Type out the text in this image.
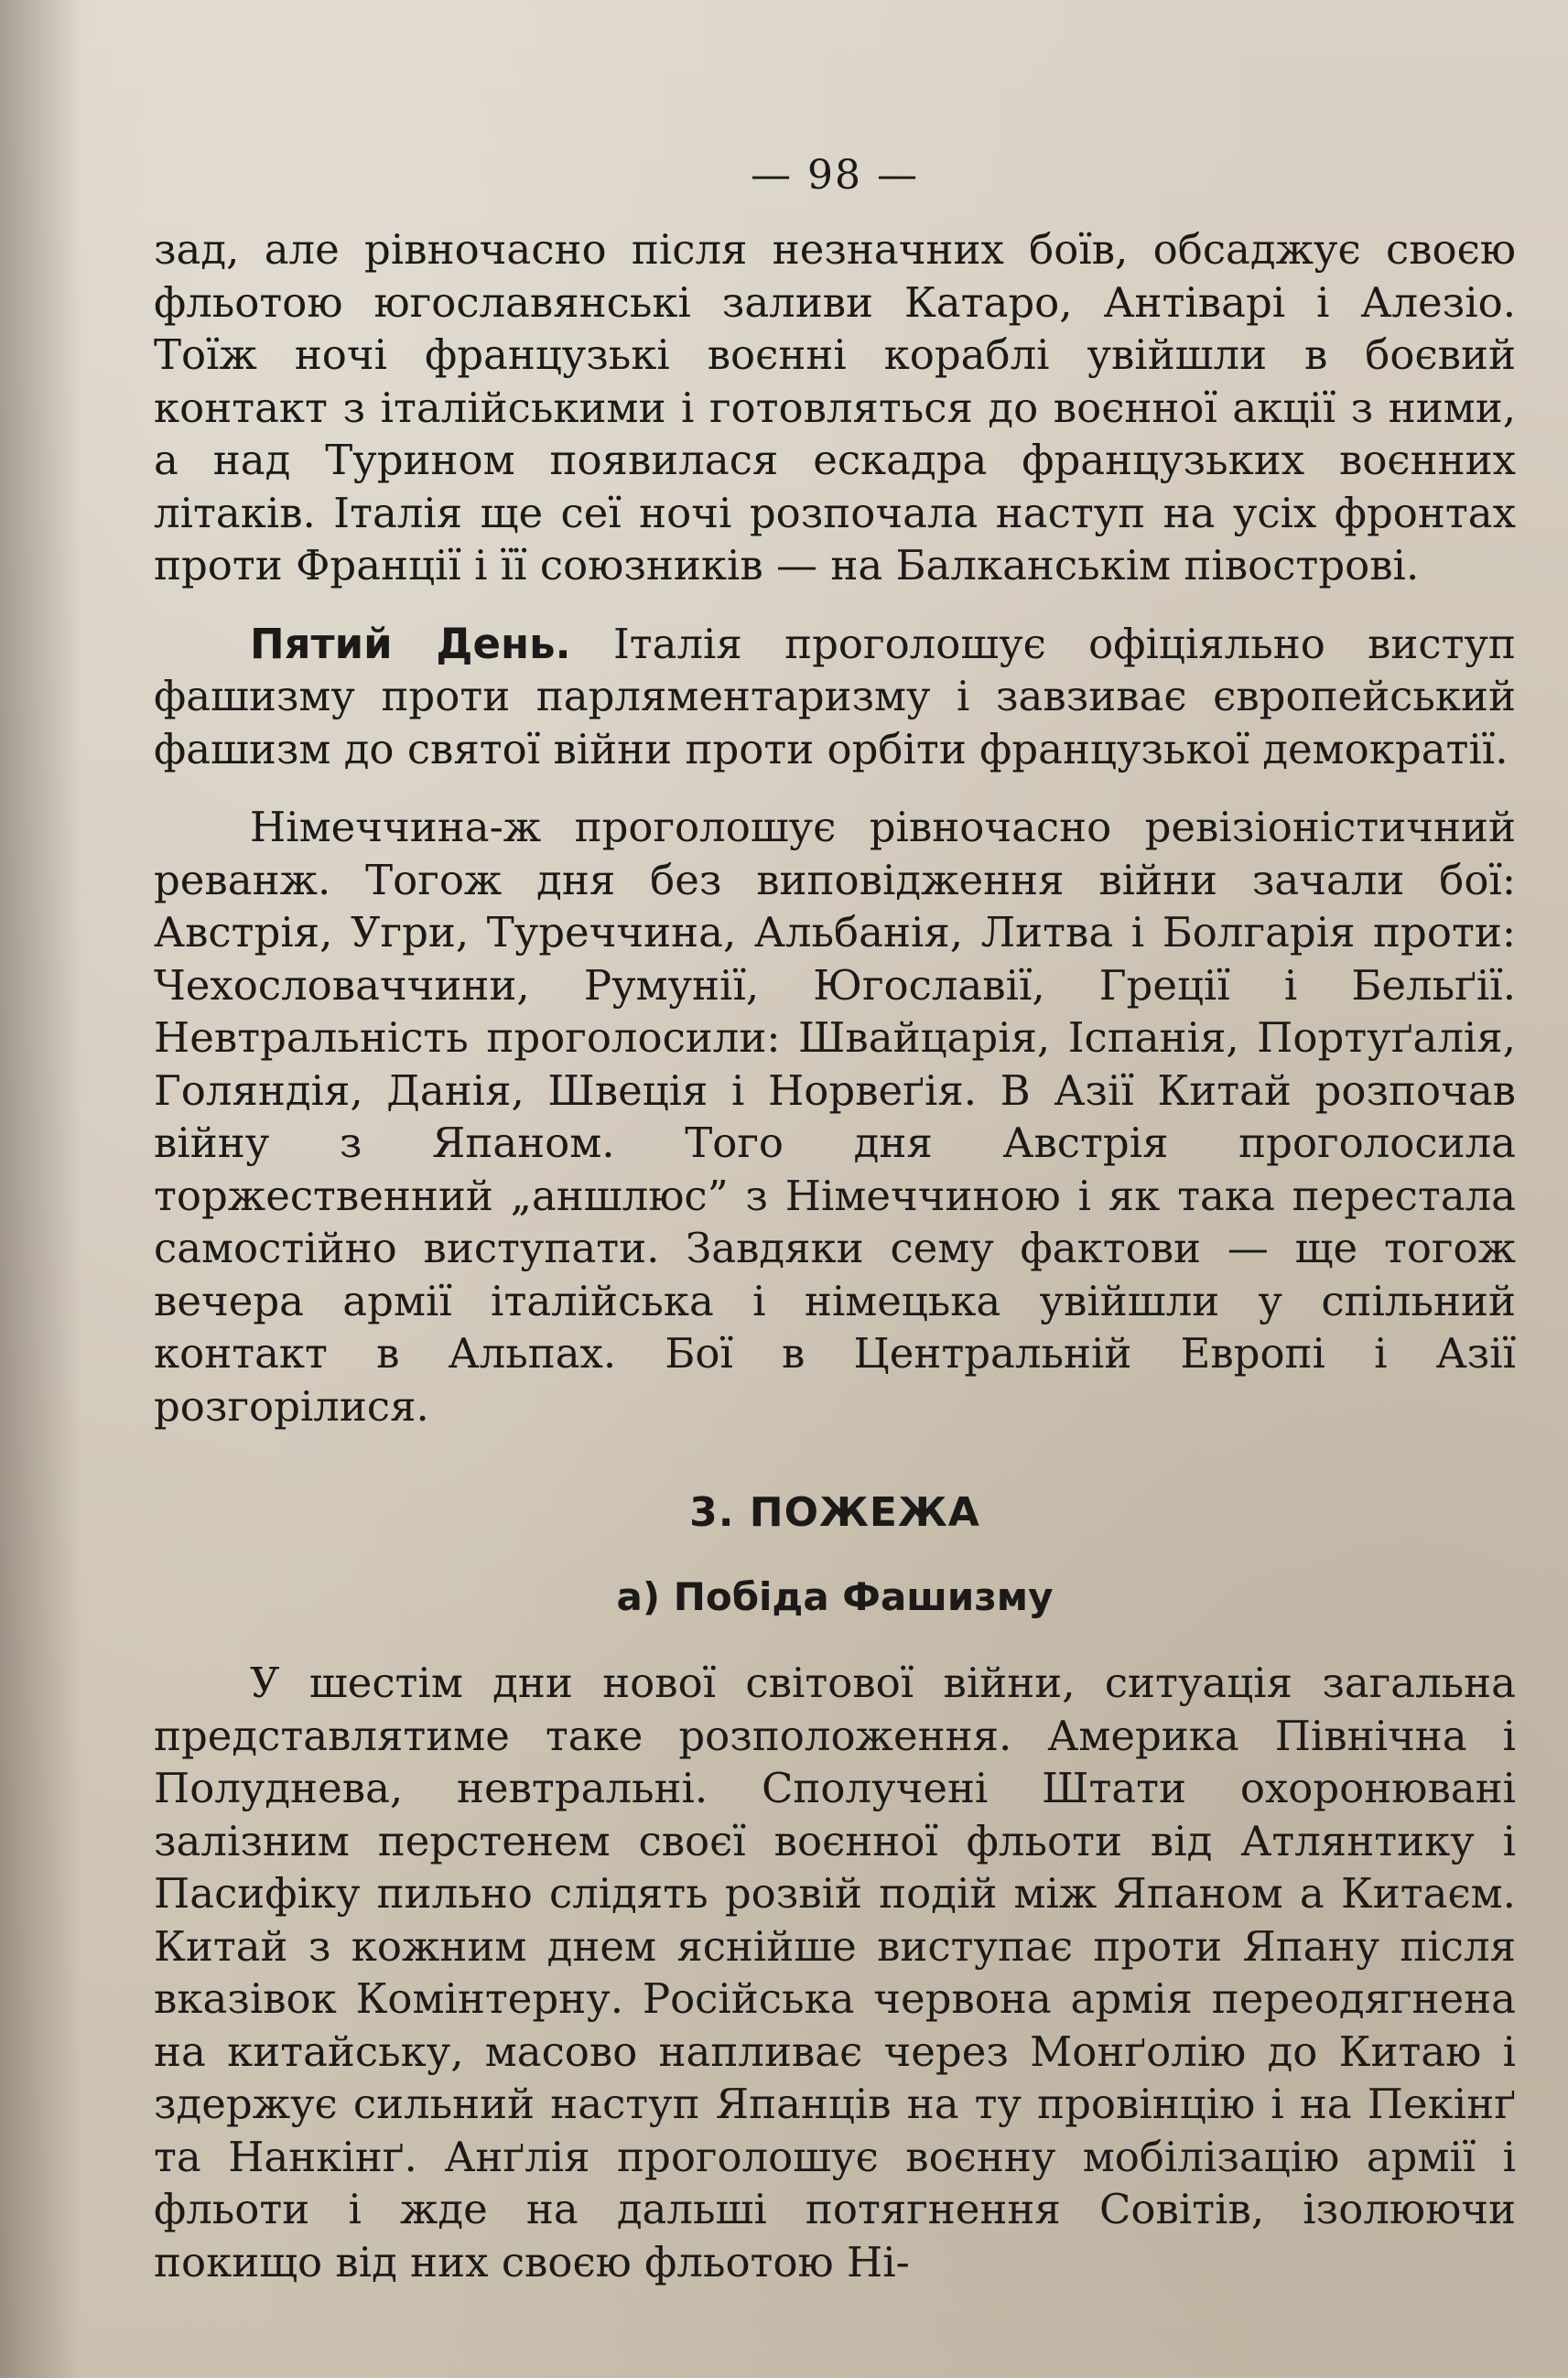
— 98 —

зад, але рівночасно після незначних боїв, обсаджує своєю фльотою югославянські заливи Катаро, Антіварі і Алезіо. Тоїж ночі французькі воєнні кораблі увійшли в боєвий контакт з італійськими і готовляться до воєнної акції з ними, а над Турином появилася ескадра французьких воєнних літаків. Італія ще сеї ночі розпочала наступ на усіх фронтах проти Франції і її союзників — на Балканськім півострові.

Пятий День. Італія проголошує офіціяльно виступ фашизму проти парляментаризму і завзиває європейський фашизм до святої війни проти орбіти французької демократії.

Німеччина-ж проголошує рівночасно ревізіоністичний реванж. Тогож дня без виповідження війни зачали бої: Австрія, Угри, Туреччина, Альбанія, Литва і Болгарія проти: Чехословаччини, Румунії, Югославії, Греції і Бельґії. Невтральність проголосили: Швайцарія, Іспанія, Портуґалія, Голяндія, Данія, Швеція і Норвеґія. В Азії Китай розпочав війну з Япаном. Того дня Австрія проголосила торжественний „аншлюс” з Німеччиною і як така перестала самостійно виступати. Завдяки сему фактови — ще тогож вечера армії італійська і німецька увійшли у спільний контакт в Альпах. Бої в Центральній Европі і Азії розгорілися.

3. ПОЖЕЖА
а) Побіда Фашизму

У шестім дни нової світової війни, ситуація загальна представлятиме таке розположення. Америка Північна і Полуднева, невтральні. Сполучені Штати охоронювані залізним перстенем своєї воєнної фльоти від Атлянтику і Пасифіку пильно слідять розвій подій між Япаном а Китаєм. Китай з кожним днем яснійше виступає проти Япану після вказівок Комінтерну. Російська червона армія переодягнена на китайську, масово напливає через Монґолію до Китаю і здержує сильний наступ Япанців на ту провінцію і на Пекінґ та Нанкінґ. Анґлія проголошує воєнну мобілізацію армії і фльоти і жде на дальші потягнення Совітів, ізолюючи покищо від них своєю фльотою Ні-
